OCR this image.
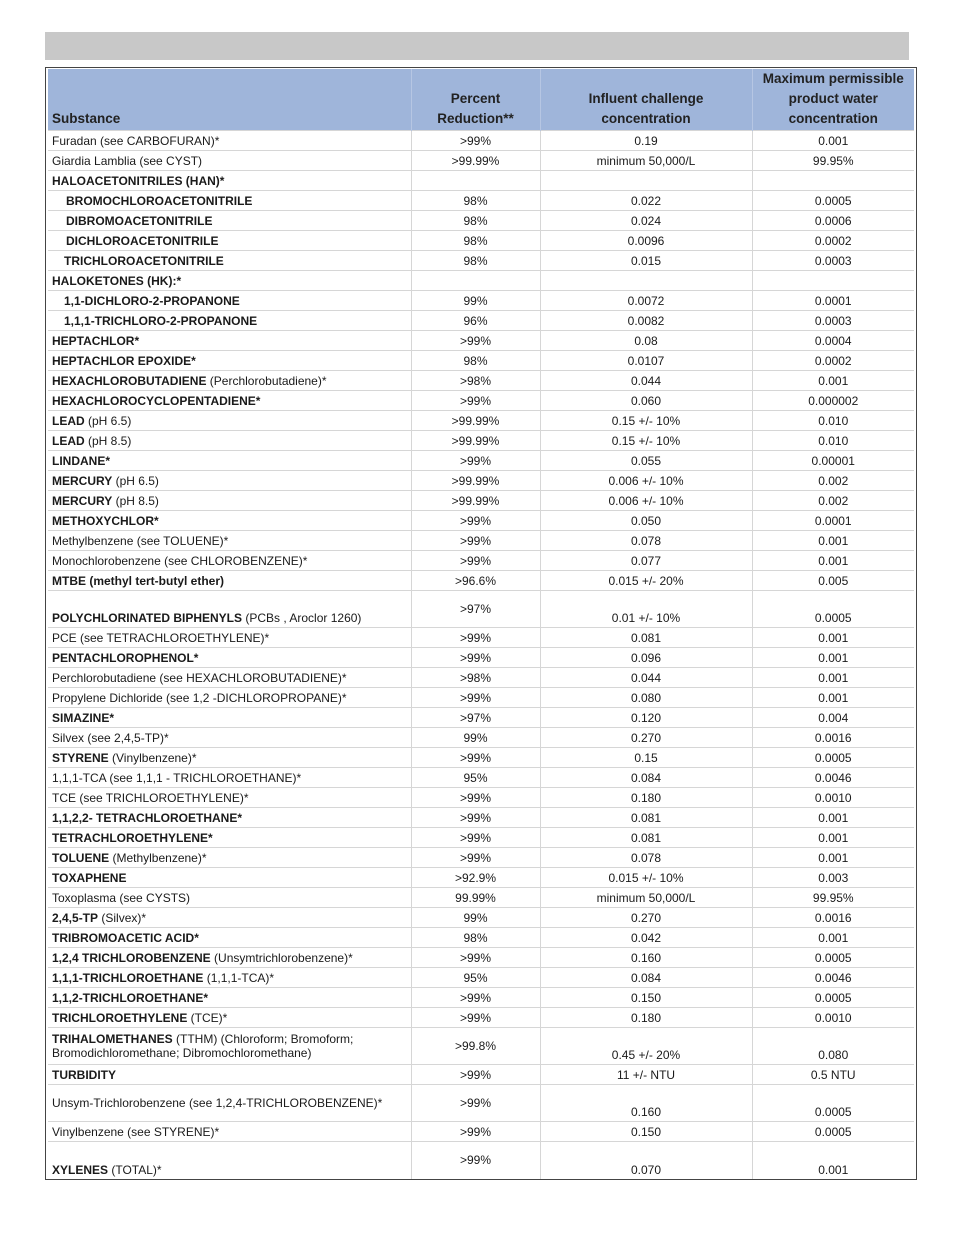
Substance	Percent Reduction**	Influent challenge concentration	Maximum permissible product water concentration
Furadan (see CARBOFURAN)*	>99%	0.19	0.001
Giardia Lamblia (see CYST)	>99.99%	minimum 50,000/L	99.95%
HALOACETONITRILES (HAN)*			
BROMOCHLOROACETONITRILE	98%	0.022	0.0005
DIBROMOACETONITRILE	98%	0.024	0.0006
DICHLOROACETONITRILE	98%	0.0096	0.0002
TRICHLOROACETONITRILE	98%	0.015	0.0003
HALOKETONES (HK):*			
1,1-DICHLORO-2-PROPANONE	99%	0.0072	0.0001
1,1,1-TRICHLORO-2-PROPANONE	96%	0.0082	0.0003
HEPTACHLOR*	>99%	0.08	0.0004
HEPTACHLOR EPOXIDE*	98%	0.0107	0.0002
HEXACHLOROBUTADIENE (Perchlorobutadiene)*	>98%	0.044	0.001
HEXACHLOROCYCLOPENTADIENE*	>99%	0.060	0.000002
LEAD (pH 6.5)	>99.99%	0.15 +/- 10%	0.010
LEAD (pH 8.5)	>99.99%	0.15 +/- 10%	0.010
LINDANE*	>99%	0.055	0.00001
MERCURY (pH 6.5)	>99.99%	0.006 +/- 10%	0.002
MERCURY (pH 8.5)	>99.99%	0.006 +/- 10%	0.002
METHOXYCHLOR*	>99%	0.050	0.0001
Methylbenzene (see TOLUENE)*	>99%	0.078	0.001
Monochlorobenzene (see CHLOROBENZENE)*	>99%	0.077	0.001
MTBE (methyl tert-butyl ether)	>96.6%	0.015 +/- 20%	0.005
POLYCHLORINATED BIPHENYLS (PCBs , Aroclor 1260)	>97%	0.01 +/- 10%	0.0005
PCE (see TETRACHLOROETHYLENE)*	>99%	0.081	0.001
PENTACHLOROPHENOL*	>99%	0.096	0.001
Perchlorobutadiene (see HEXACHLOROBUTADIENE)*	>98%	0.044	0.001
Propylene Dichloride (see 1,2 -DICHLOROPROPANE)*	>99%	0.080	0.001
SIMAZINE*	>97%	0.120	0.004
Silvex (see 2,4,5-TP)*	99%	0.270	0.0016
STYRENE (Vinylbenzene)*	>99%	0.15	0.0005
1,1,1-TCA (see 1,1,1 - TRICHLOROETHANE)*	95%	0.084	0.0046
TCE (see TRICHLOROETHYLENE)*	>99%	0.180	0.0010
1,1,2,2- TETRACHLOROETHANE*	>99%	0.081	0.001
TETRACHLOROETHYLENE*	>99%	0.081	0.001
TOLUENE (Methylbenzene)*	>99%	0.078	0.001
TOXAPHENE	>92.9%	0.015 +/- 10%	0.003
Toxoplasma (see CYSTS)	99.99%	minimum 50,000/L	99.95%
2,4,5-TP (Silvex)*	99%	0.270	0.0016
TRIBROMOACETIC ACID*	98%	0.042	0.001
1,2,4 TRICHLOROBENZENE (Unsymtrichlorobenzene)*	>99%	0.160	0.0005
1,1,1-TRICHLOROETHANE (1,1,1-TCA)*	95%	0.084	0.0046
1,1,2-TRICHLOROETHANE*	>99%	0.150	0.0005
TRICHLOROETHYLENE (TCE)*	>99%	0.180	0.0010
TRIHALOMETHANES (TTHM) (Chloroform; Bromoform; Bromodichloromethane; Dibromochloromethane)	>99.8%	0.45 +/- 20%	0.080
TURBIDITY	>99%	11 +/- NTU	0.5 NTU
Unsym-Trichlorobenzene (see 1,2,4-TRICHLOROBENZENE)*	>99%	0.160	0.0005
Vinylbenzene (see STYRENE)*	>99%	0.150	0.0005
XYLENES (TOTAL)*	>99%	0.070	0.001
